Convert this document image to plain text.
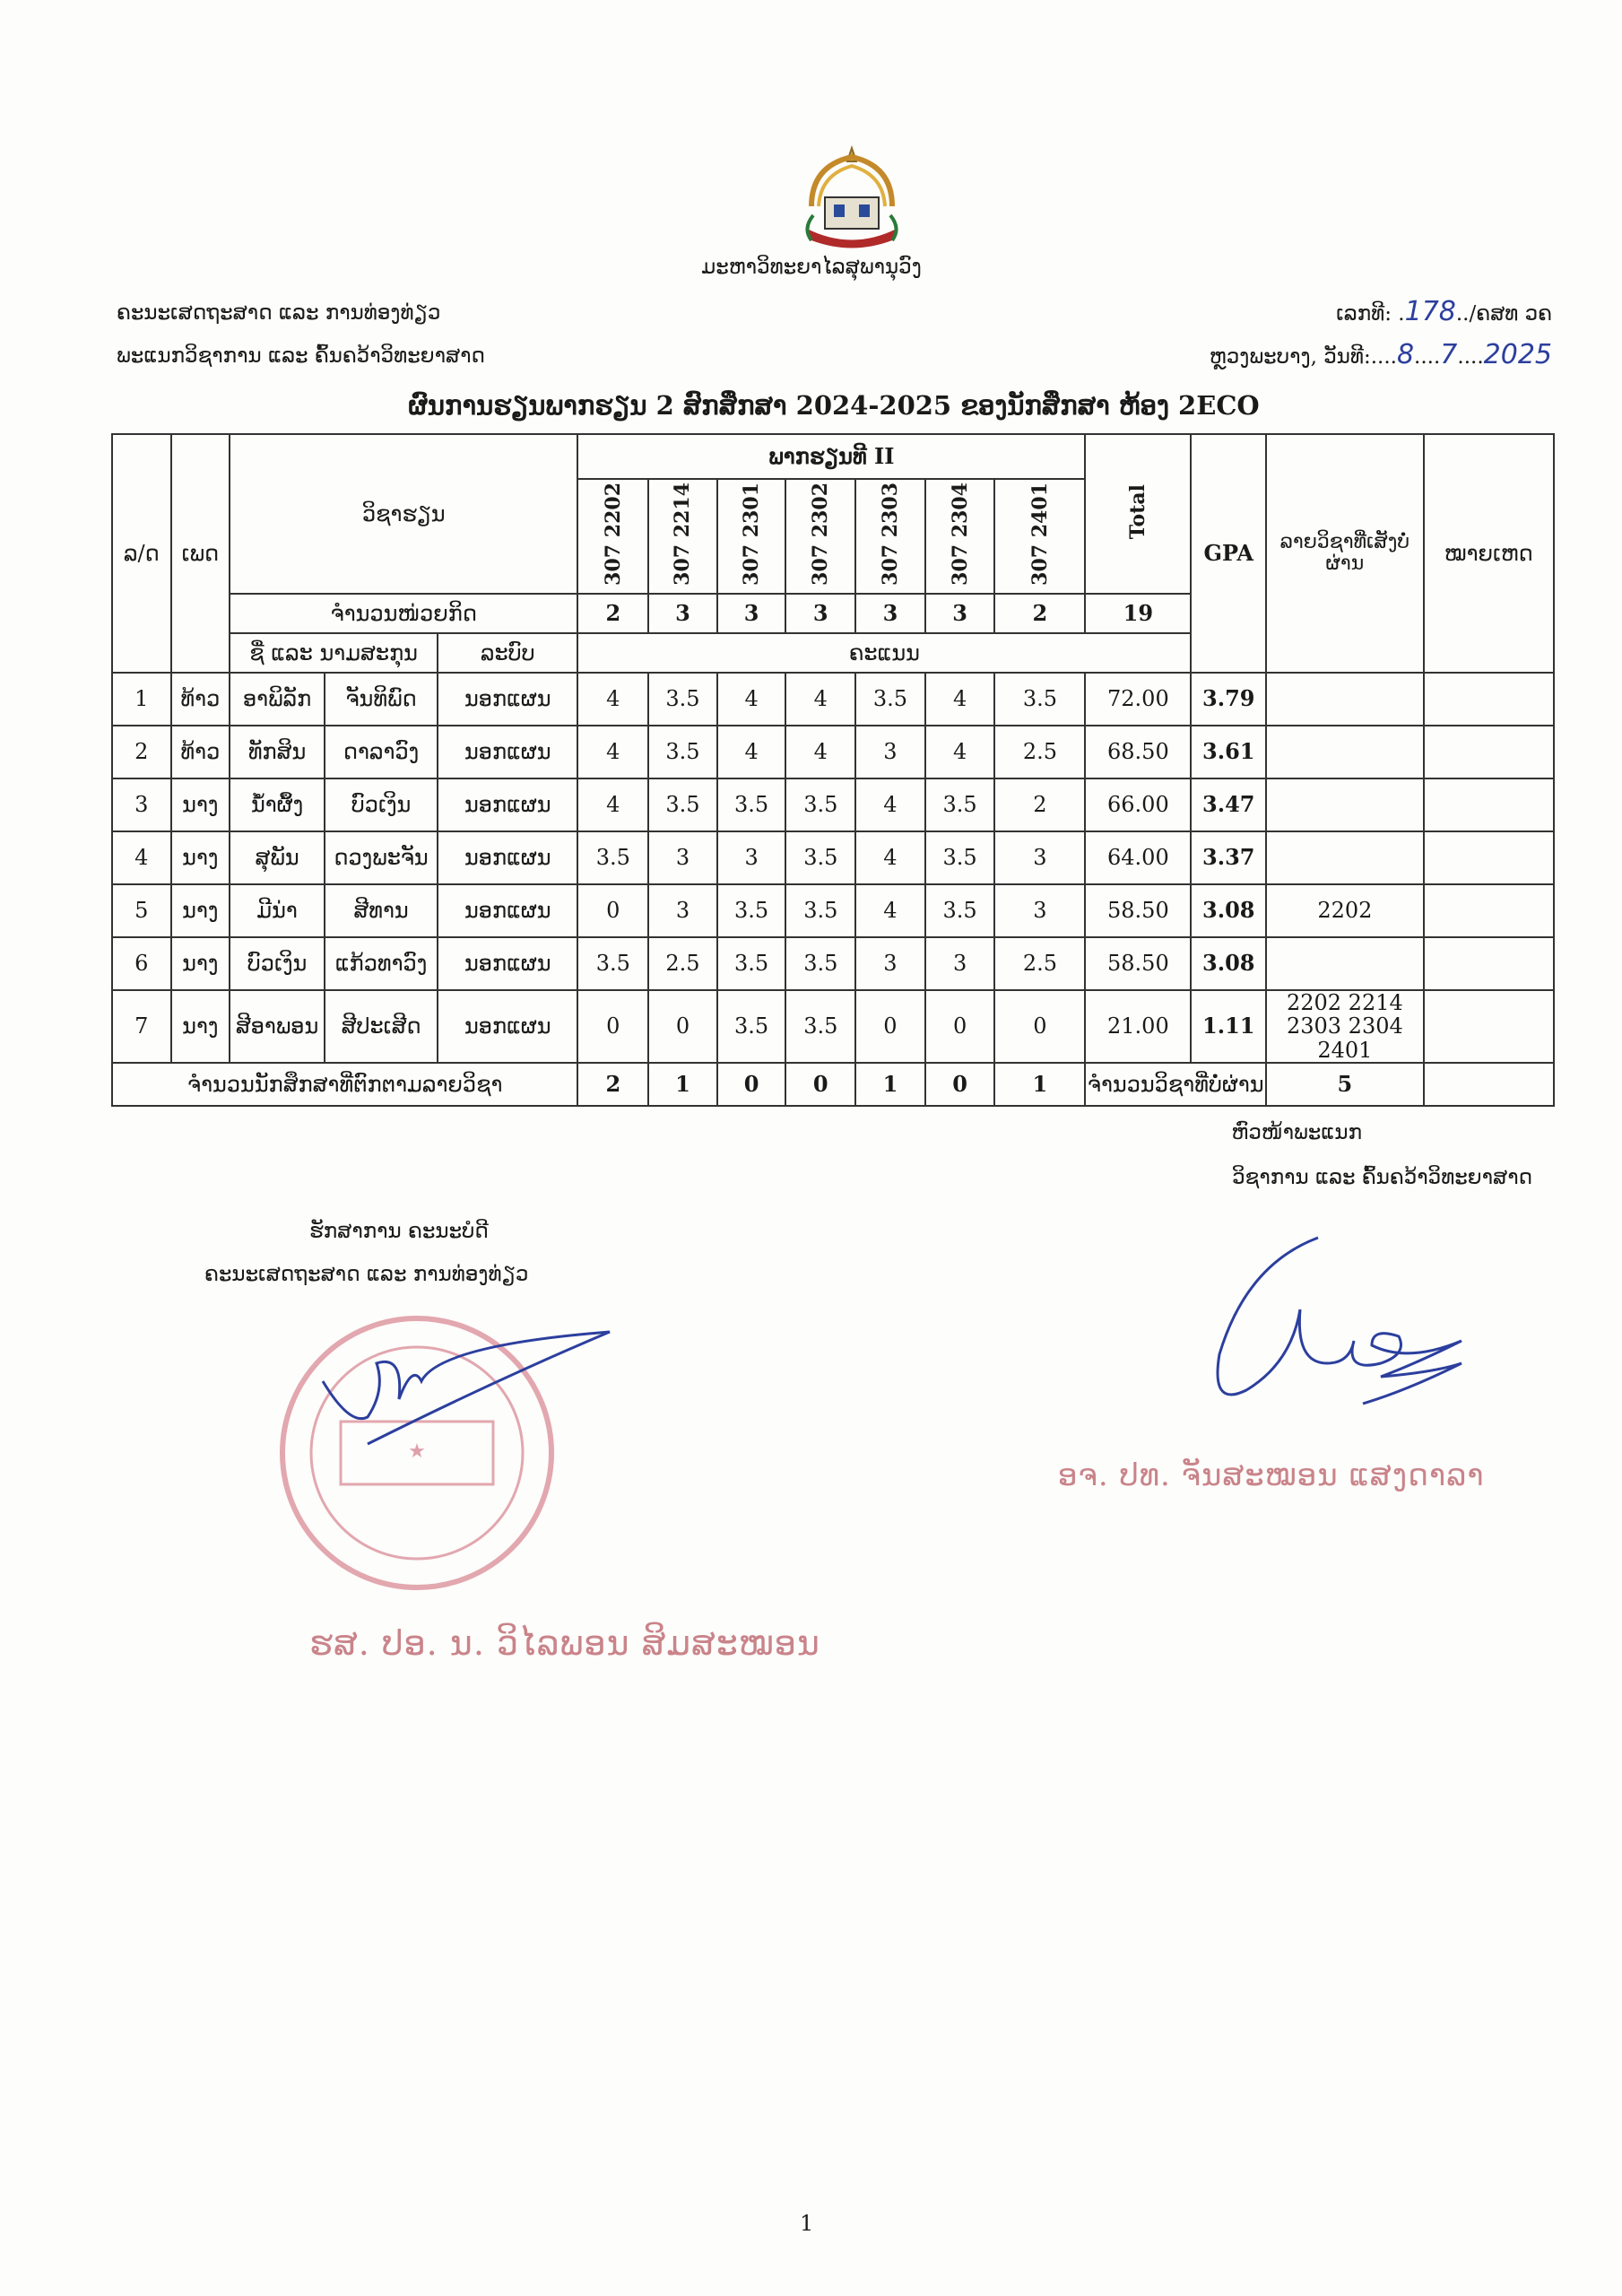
ມະຫາວິທະຍາໄລສຸພານຸວົງ
ຄະນະເສດຖະສາດ ແລະ ການທ່ອງທ່ຽວ
ພະແນກວິຊາການ ແລະ ຄົ້ນຄວ້າວິທະຍາສາດ
ເລກທີ: .178../ຄສທ ວຄ
ຫຼວງພະບາງ, ວັນທີ:....8....7....2025
ຜົນການຮຽນພາກຮຽນ 2 ສົກສຶກສາ 2024-2025 ຂອງນັກສຶກສາ ຫ້ອງ 2ECO
ລ/ດ	ເພດ	ວິຊາຮຽນ			ພາກຮຽນທີ II							Total	GPA	ລາຍວິຊາທີ່ເສັງບໍ່ຜ່ານ	ໝາຍເຫດ
					307 2202	307 2214	307 2301	307 2302	307 2303	307 2304	307 2401				
		ຈຳນວນໜ່ວຍກິດ			2	3	3	3	3	3	2	19			
		ຊື່ ແລະ ນາມສະກຸນ		ລະບົບ	ຄະແນນ										
1	ທ້າວ	ອາພິລັກ	ຈັນທິພົດ	ນອກແຜນ	4	3.5	4	4	3.5	4	3.5	72.00	3.79		
2	ທ້າວ	ທັກສິນ	ດາລາວົງ	ນອກແຜນ	4	3.5	4	4	3	4	2.5	68.50	3.61		
3	ນາງ	ນ້ຳຜຶ້ງ	ບົວເງິນ	ນອກແຜນ	4	3.5	3.5	3.5	4	3.5	2	66.00	3.47		
4	ນາງ	ສຸພັນ	ດວງພະຈັນ	ນອກແຜນ	3.5	3	3	3.5	4	3.5	3	64.00	3.37		
5	ນາງ	ມີນ່າ	ສີທານ	ນອກແຜນ	0	3	3.5	3.5	4	3.5	3	58.50	3.08	2202	
6	ນາງ	ບົວເງິນ	ແກ້ວທາວົງ	ນອກແຜນ	3.5	2.5	3.5	3.5	3	3	2.5	58.50	3.08		
7	ນາງ	ສີອາພອນ	ສີປະເສີດ	ນອກແຜນ	0	0	3.5	3.5	0	0	0	21.00	1.11	2202 2214 2303 2304 2401	
ຈຳນວນນັກສຶກສາທີ່ຕົກຕາມລາຍວິຊາ					2	1	0	0	1	0	1	ຈຳນວນວິຊາທີ່ບໍ່ຜ່ານ		5	
ຫົວໜ້າພະແນກ
ວິຊາການ ແລະ ຄົ້ນຄວ້າວິທະຍາສາດ
ອຈ. ປທ. ຈັນສະໝອນ ແສງດາລາ
ຮັກສາການ ຄະນະບໍດີ
ຄະນະເສດຖະສາດ ແລະ ການທ່ອງທ່ຽວ
★
ຮສ. ປອ. ນ. ວິໄລພອນ ສິມສະໝອນ
1
